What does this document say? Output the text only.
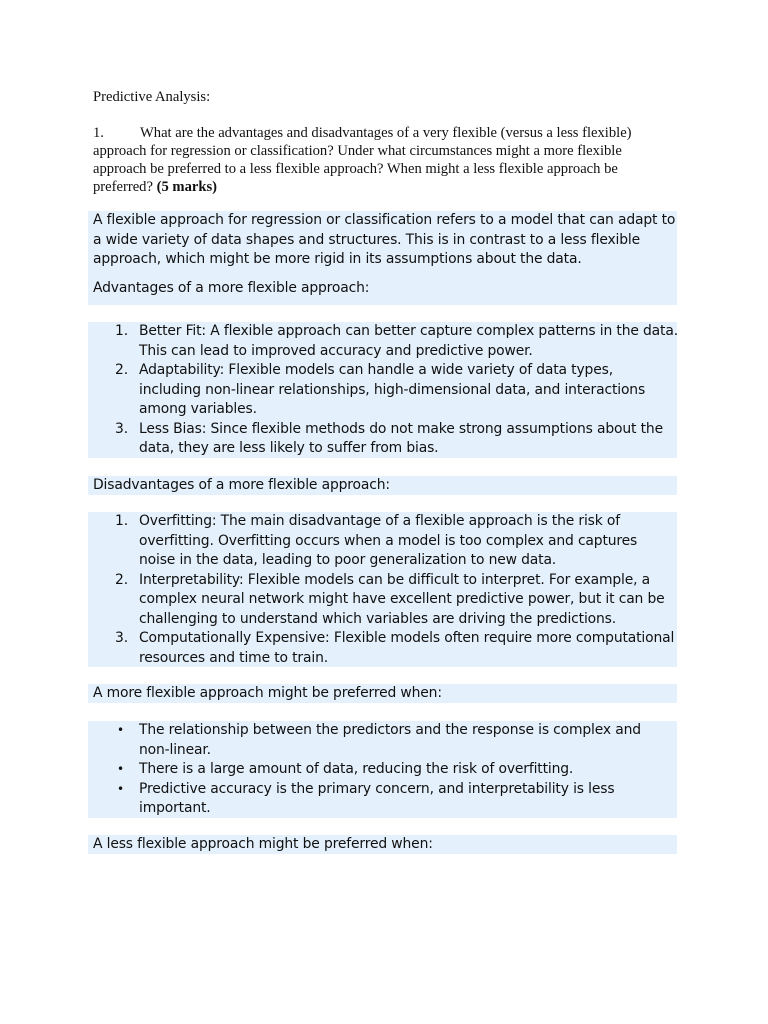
Predictive Analysis:

1. What are the advantages and disadvantages of a very flexible (versus a less flexible) approach for regression or classification? Under what circumstances might a more flexible approach be preferred to a less flexible approach? When might a less flexible approach be preferred? (5 marks)

A flexible approach for regression or classification refers to a model that can adapt to
a wide variety of data shapes and structures. This is in contrast to a less flexible
approach, which might be more rigid in its assumptions about the data.

Advantages of a more flexible approach:

1. Better Fit: A flexible approach can better capture complex patterns in the data.
This can lead to improved accuracy and predictive power.
2. Adaptability: Flexible models can handle a wide variety of data types,
including non-linear relationships, high-dimensional data, and interactions
among variables.
3. Less Bias: Since flexible methods do not make strong assumptions about the
data, they are less likely to suffer from bias.

Disadvantages of a more flexible approach:

1. Overfitting: The main disadvantage of a flexible approach is the risk of
overfitting. Overfitting occurs when a model is too complex and captures
noise in the data, leading to poor generalization to new data.
2. Interpretability: Flexible models can be difficult to interpret. For example, a
complex neural network might have excellent predictive power, but it can be
challenging to understand which variables are driving the predictions.
3. Computationally Expensive: Flexible models often require more computational
resources and time to train.

A more flexible approach might be preferred when:

• The relationship between the predictors and the response is complex and
non-linear.
• There is a large amount of data, reducing the risk of overfitting.
• Predictive accuracy is the primary concern, and interpretability is less
important.

A less flexible approach might be preferred when:
